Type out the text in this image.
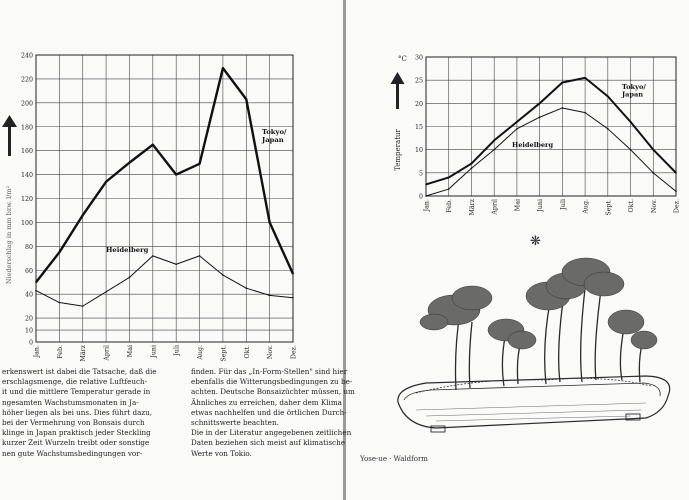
0
10
20
40
60
80
100
120
140
160
180
200
220
240
Jan.	Feb.	März	April	Mai	Juni	Juli	Aug.	Sept.	Okt.	Nov.	Dez.
Tokyo/
Japan
Heidelberg
Niederschlag in mm bzw. l/m²
erkenswert ist dabei die Tatsache, daß die
erschlagsmenge, die relative Luftfeuch-
it und die mittlere Temperatur gerade in
ngesamten Wachstumsmonaten in Ja-
höher liegen als bei uns. Dies führt dazu,
bei der Vermehrung von Bonsais durch
klinge in Japan praktisch jeder Steckling
kurzer Zeit Wurzeln treibt oder sonstige
nen gute Wachstumsbedingungen vor-
0
5
10
15
20
25
30
Jan. Feb. März April Mai Juni Juli Aug. Sept. Okt. Nov. Dez.
Tokyo/
Japan
Heidelberg
°C
Temperatur
❋
Yose-ue · Waldform
finden. Für das „In-Form-Stellen" sind hier
ebenfalls die Witterungsbedingungen zu be-
achten. Deutsche Bonsaizüchter müssen, um
Ähnliches zu erreichen, daher dem Klima
etwas nachhelfen und die örtlichen Durch-
schnittswerte beachten.
Die in der Literatur angegebenen zeitlichen
Daten beziehen sich meist auf klimatische
Werte von Tokio.
